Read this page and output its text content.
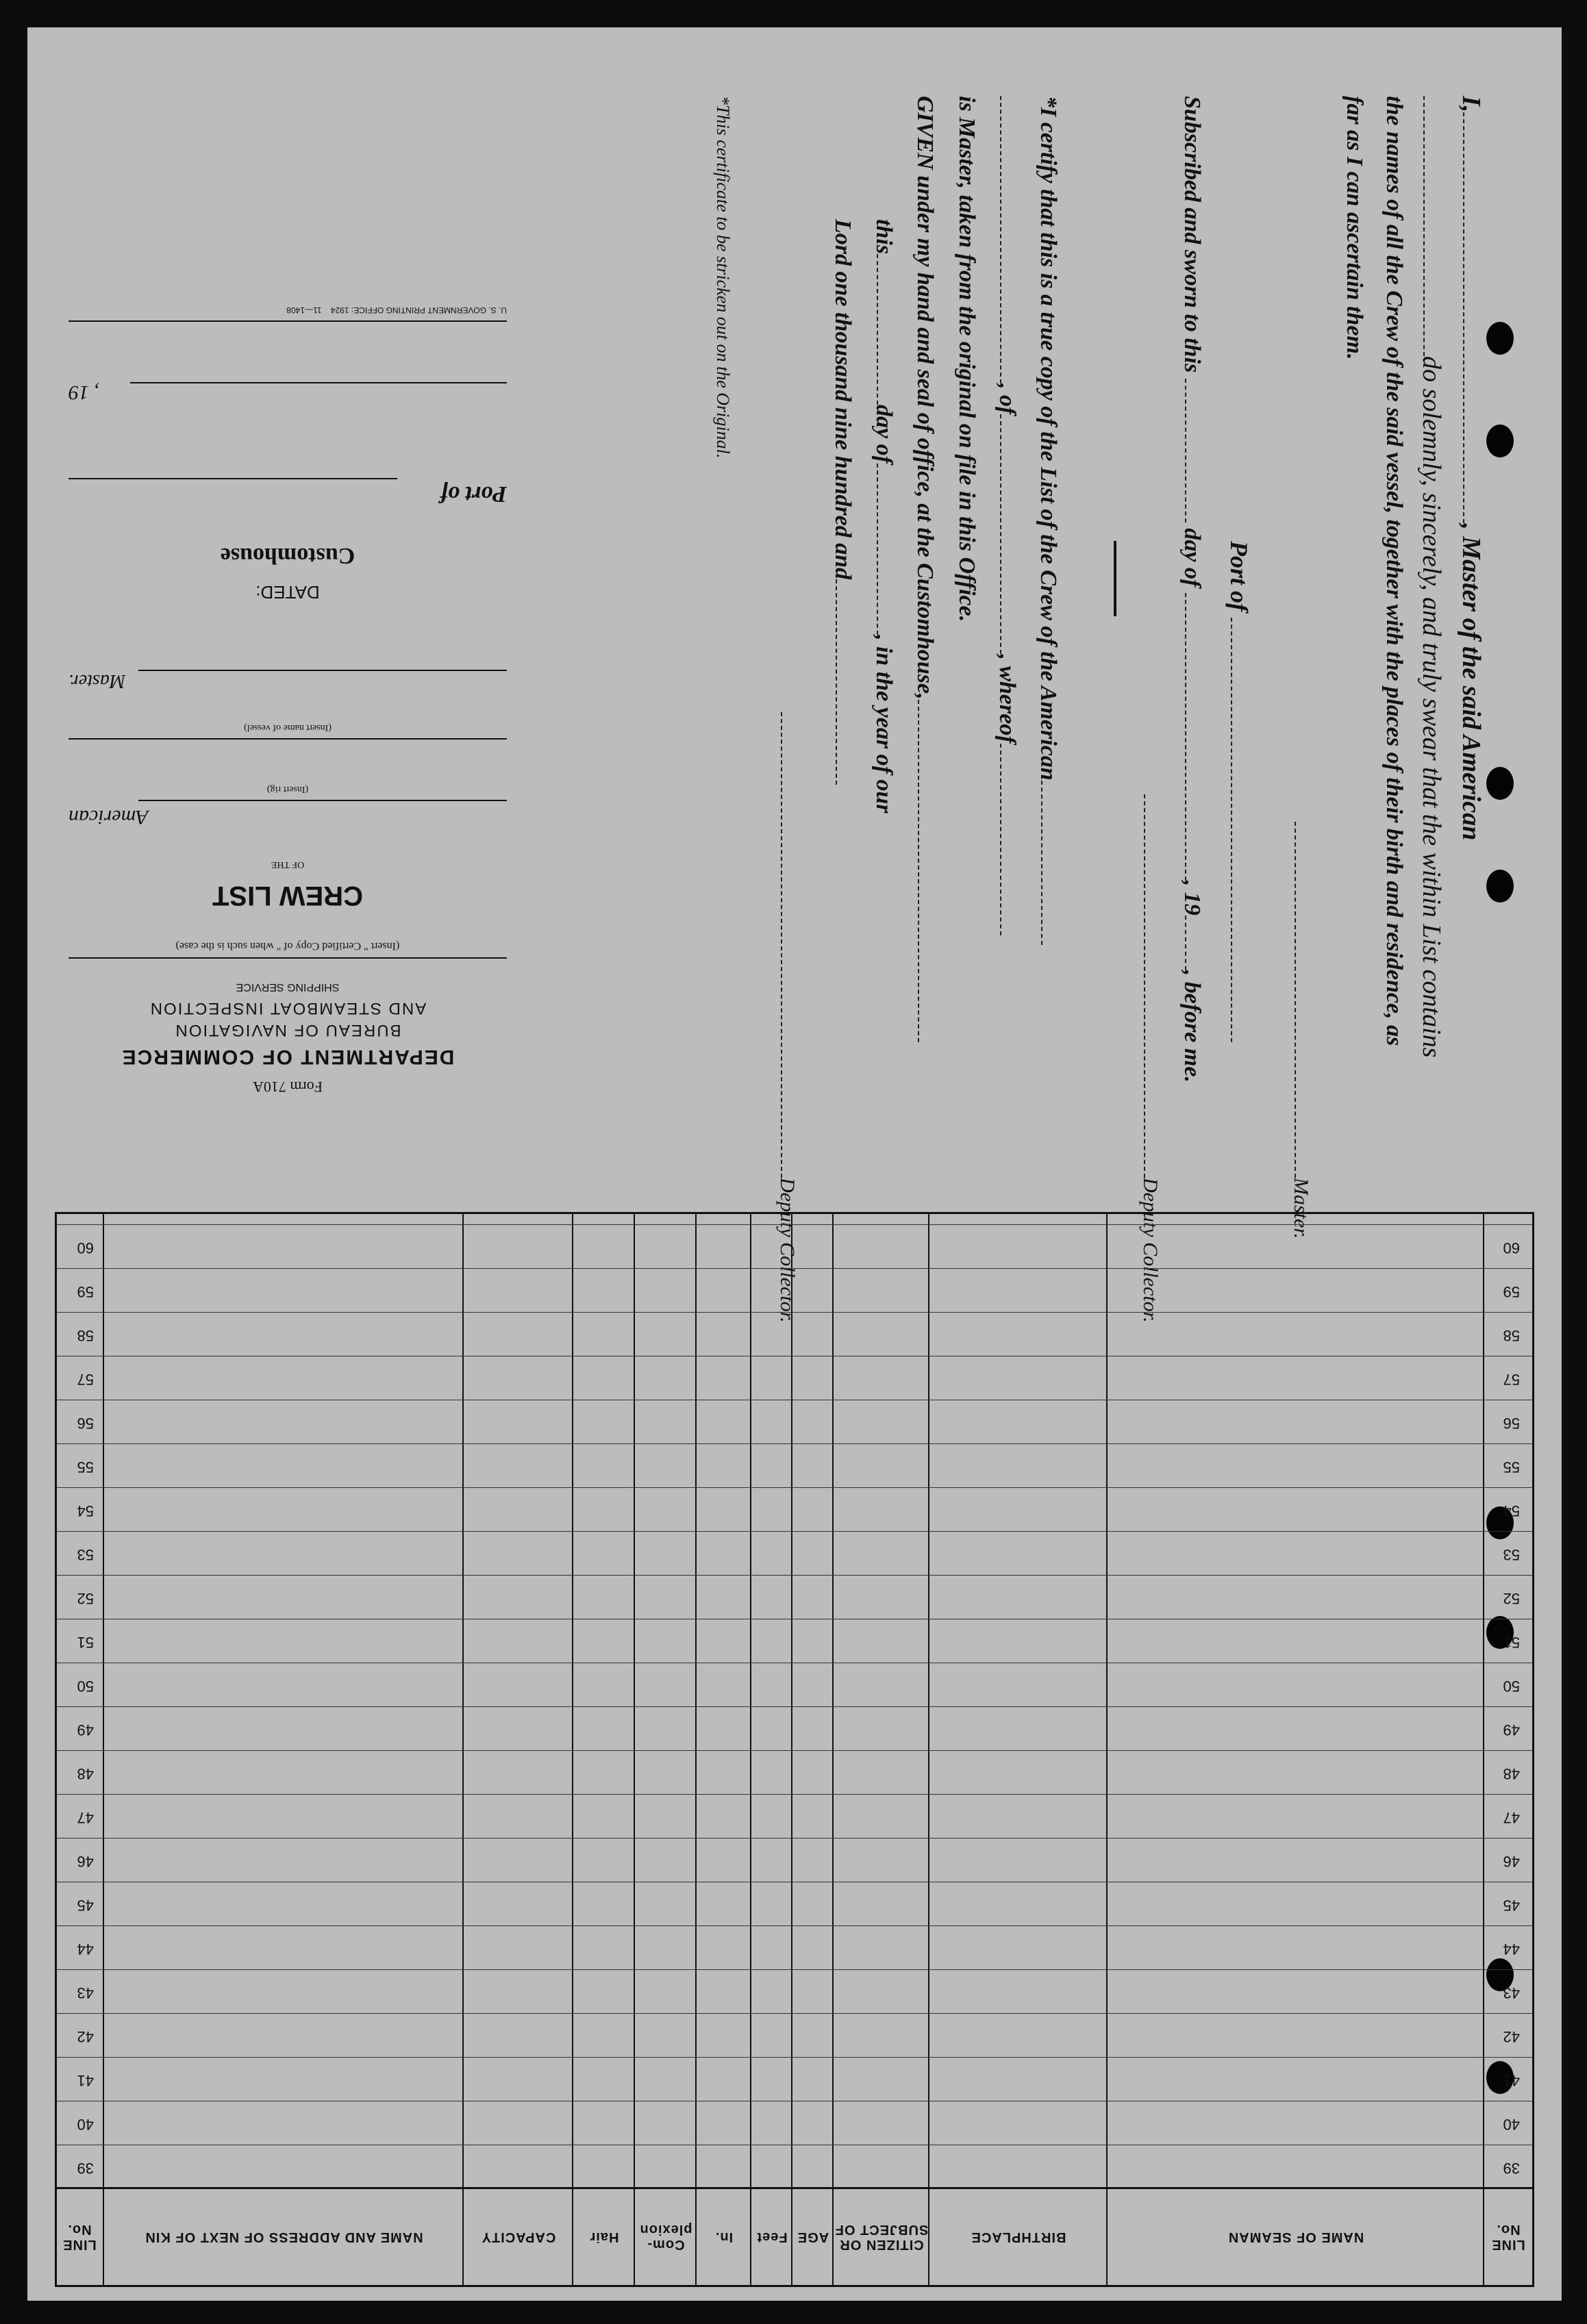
I,, Master of the said American
do solemnly, sincerely, and truly swear that the within List contains
the names of all the Crew of the said vessel, together with the places of their birth and residence, as
far as I can ascertain them.
Master.
Port of
Subscribed and sworn to this  day of , 19, before me.
Deputy Collector.
*I certify that this is a true copy of the List of the Crew of the American
, of, whereof
is Master, taken from the original on file in this Office.
GIVEN under my hand and seal of office, at the Customhouse,
thisday of, in the year of our
Lord one thousand nine hundred and
Deputy Collector.
*This certificate to be stricken out on the Original.
Form 710A
DEPARTMENT OF COMMERCE
BUREAU OF NAVIGATION
AND STEAMBOAT INSPECTION
SHIPPING SERVICE
(Insert " Certified Copy of " when such is the case)
CREW LIST
OF THE
American
(Insert rig)
(Insert name of vessel)
Master.
DATED:
Customhouse
Port of
, 19
U. S. GOVERNMENT PRINTING OFFICE: 1924    11—1408
LINE No.
NAME OF SEAMAN
BIRTHPLACE
CITIZEN OR SUBJECT OF
AGE
Feet
In.
Com-plexion
Hair
CAPACITY
NAME AND ADDRESS OF NEXT OF KIN
LINE No.
39
39
40
40
41
41
42
42
43
43
44
44
45
45
46
46
47
47
48
48
49
49
50
50
51
51
52
52
53
53
54
54
55
55
56
56
57
57
58
58
59
59
60
60
